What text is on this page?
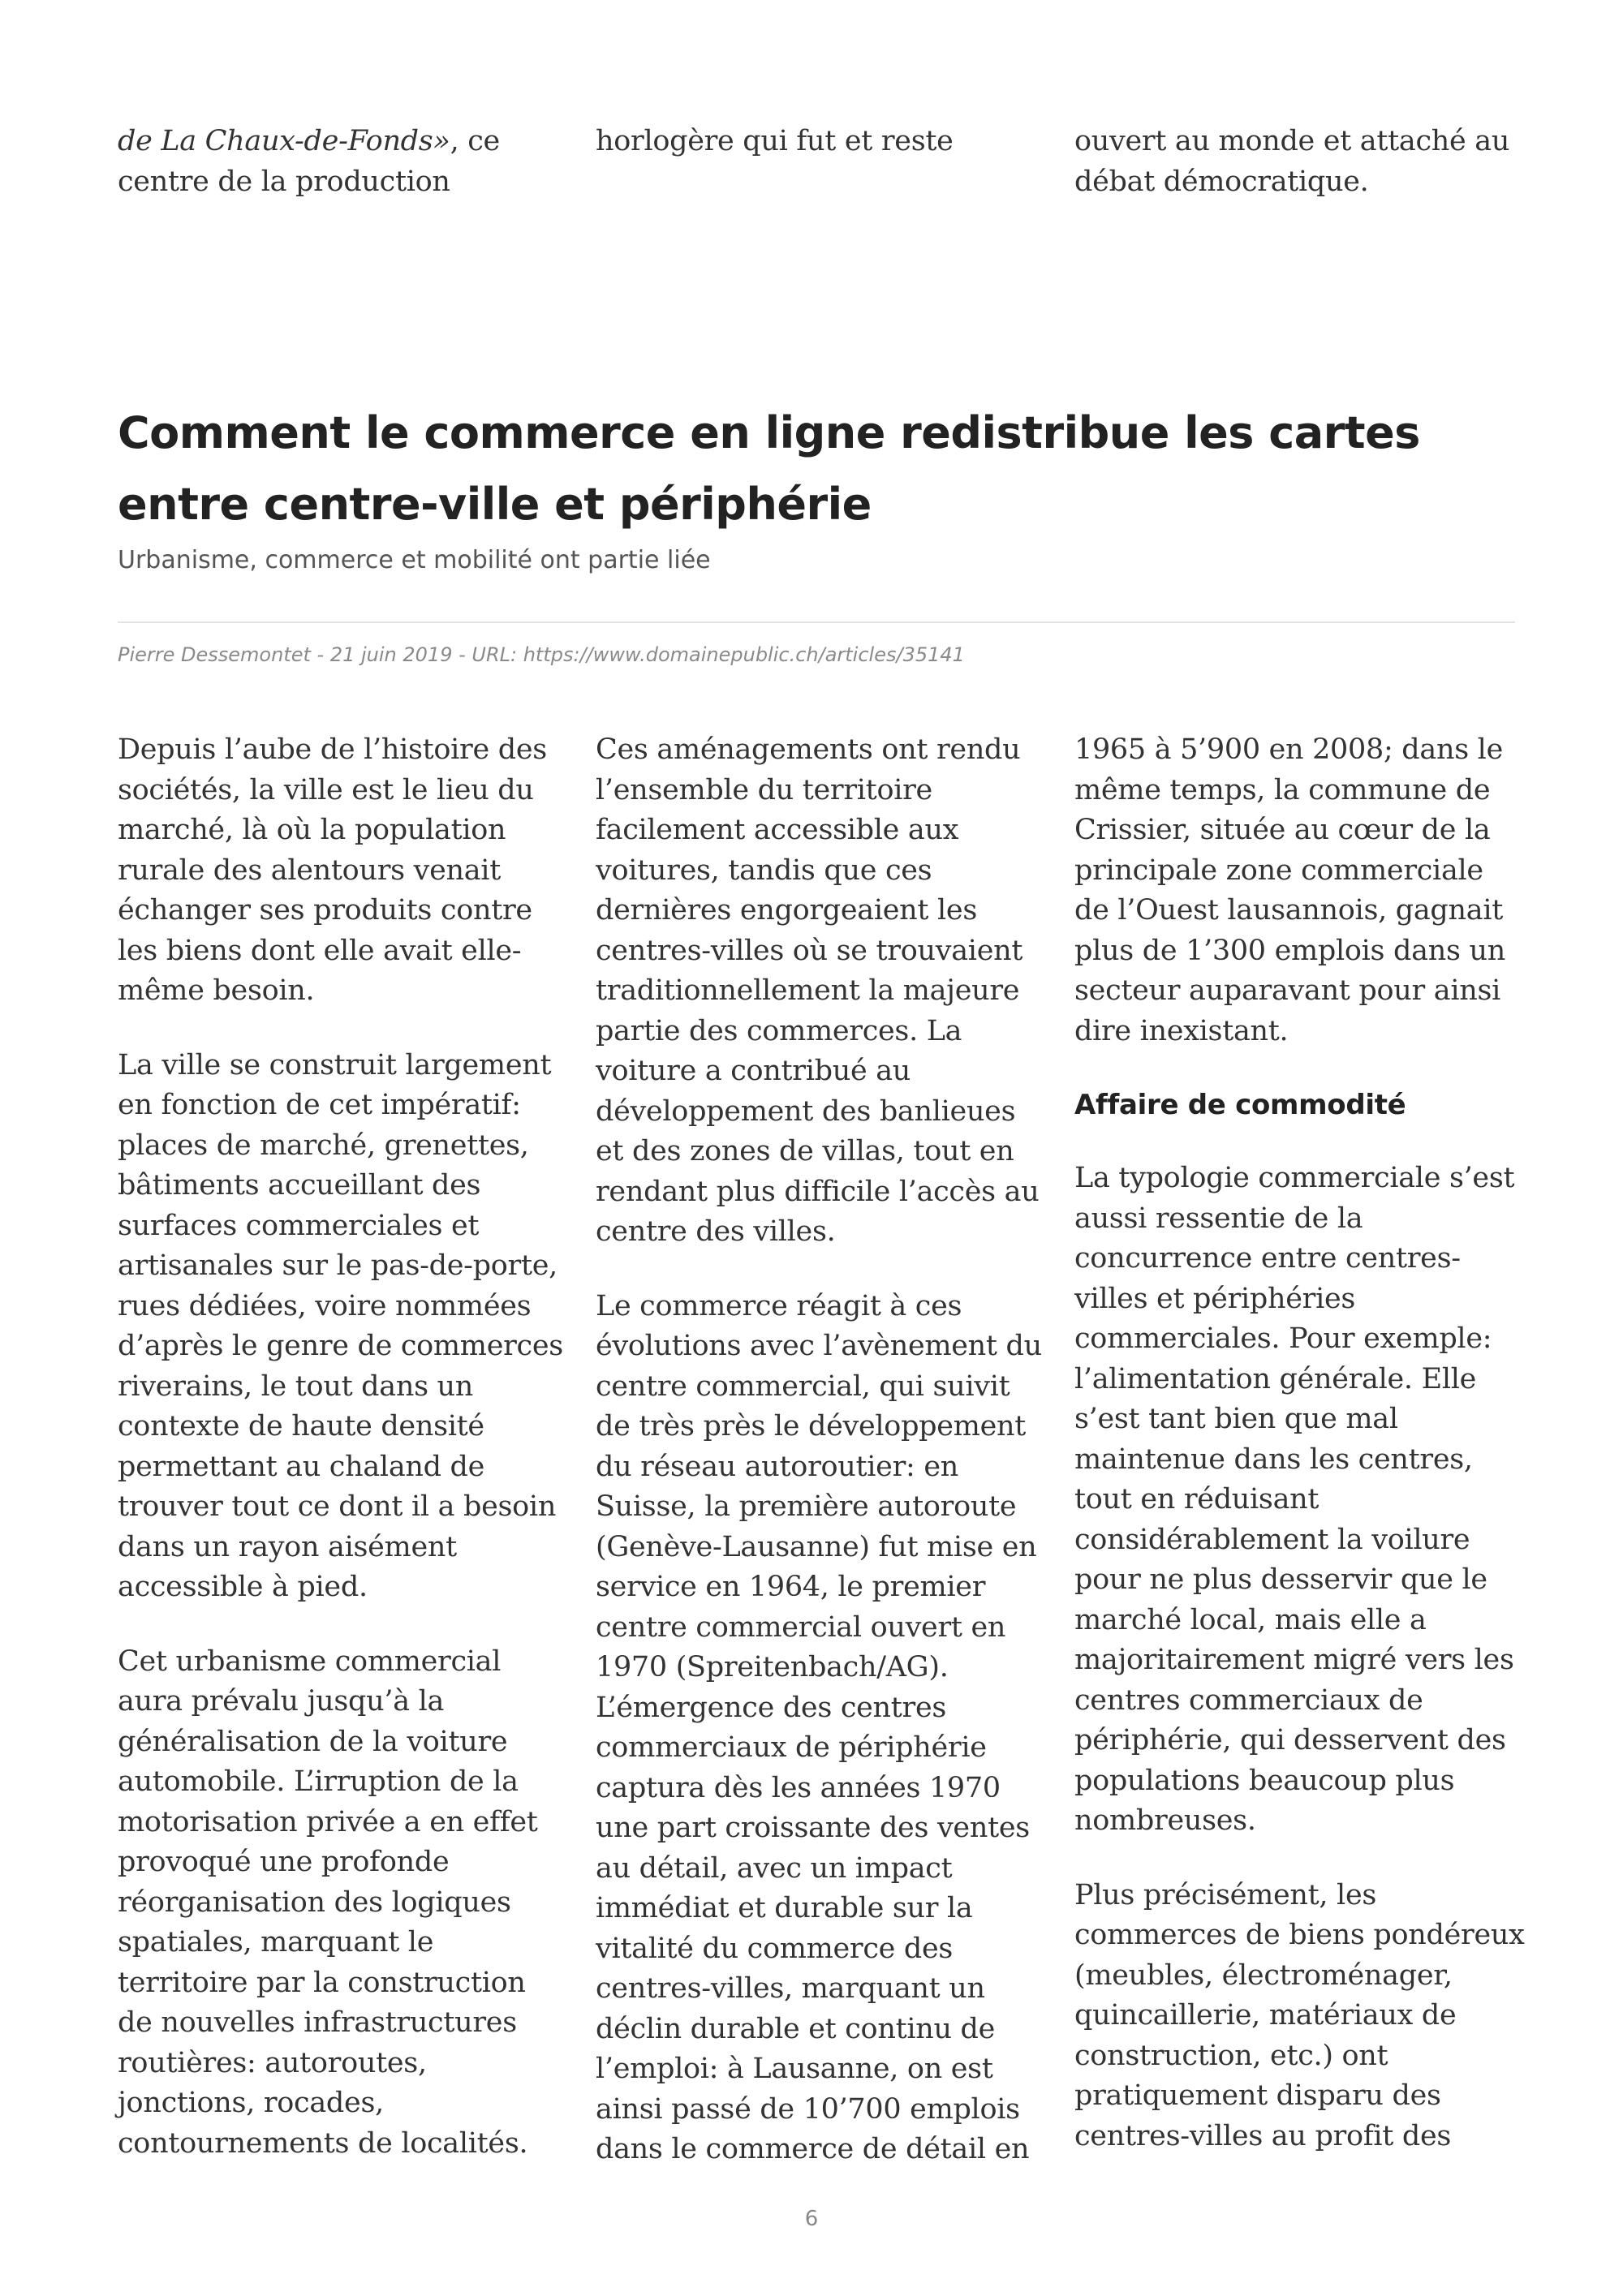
de La Chaux-de-Fonds», ce centre de la production
horlogère qui fut et reste	ouvert au monde et attaché au débat démocratique.
Comment le commerce en ligne redistribue les cartes entre centre-ville et périphérie

Urbanisme, commerce et mobilité ont partie liée

Pierre Dessemontet - 21 juin 2019 - URL: https://www.domainepublic.ch/articles/35141

Depuis l’aube de l’histoire des sociétés, la ville est le lieu du marché, là où la population rurale des alentours venait échanger ses produits contre les biens dont elle avait elle-même besoin.

La ville se construit largement en fonction de cet impératif: places de marché, grenettes, bâtiments accueillant des surfaces commerciales et artisanales sur le pas-de-porte, rues dédiées, voire nommées d’après le genre de commerces riverains, le tout dans un contexte de haute densité permettant au chaland de trouver tout ce dont il a besoin dans un rayon aisément accessible à pied.

Cet urbanisme commercial aura prévalu jusqu’à la généralisation de la voiture automobile. L’irruption de la motorisation privée a en effet provoqué une profonde réorganisation des logiques spatiales, marquant le territoire par la construction de nouvelles infrastructures routières: autoroutes, jonctions, rocades, contournements de localités.

Ces aménagements ont rendu l’ensemble du territoire facilement accessible aux voitures, tandis que ces dernières engorgeaient les centres-villes où se trouvaient traditionnellement la majeure partie des commerces. La voiture a contribué au développement des banlieues et des zones de villas, tout en rendant plus difficile l’accès au centre des villes.

Le commerce réagit à ces évolutions avec l’avènement du centre commercial, qui suivit de très près le développement du réseau autoroutier: en Suisse, la première autoroute (Genève-Lausanne) fut mise en service en 1964, le premier centre commercial ouvert en 1970 (Spreitenbach/AG). L’émergence des centres commerciaux de périphérie captura dès les années 1970 une part croissante des ventes au détail, avec un impact immédiat et durable sur la vitalité du commerce des centres-villes, marquant un déclin durable et continu de l’emploi: à Lausanne, on est ainsi passé de 10’700 emplois dans le commerce de détail en

1965 à 5’900 en 2008; dans le même temps, la commune de Crissier, située au cœur de la principale zone commerciale de l’Ouest lausannois, gagnait plus de 1’300 emplois dans un secteur auparavant pour ainsi dire inexistant.

Affaire de commodité

La typologie commerciale s’est aussi ressentie de la concurrence entre centres-villes et périphéries commerciales. Pour exemple: l’alimentation générale. Elle s’est tant bien que mal maintenue dans les centres, tout en réduisant considérablement la voilure pour ne plus desservir que le marché local, mais elle a majoritairement migré vers les centres commerciaux de périphérie, qui desservent des populations beaucoup plus nombreuses.

Plus précisément, les commerces de biens pondéreux (meubles, électroménager, quincaillerie, matériaux de construction, etc.) ont pratiquement disparu des centres-villes au profit des

6
